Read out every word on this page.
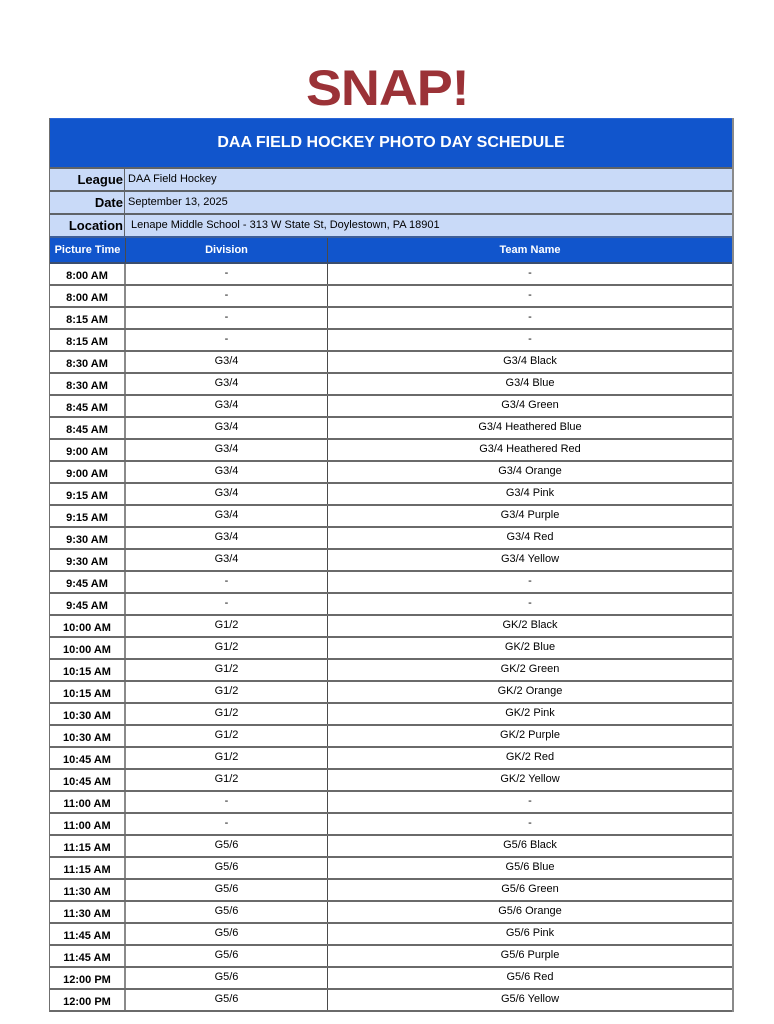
SNAP!
DAA FIELD HOCKEY PHOTO DAY SCHEDULE
League DAA Field Hockey
Date September 13, 2025
Location Lenape Middle School - 313 W State St, Doylestown, PA 18901
Picture Time	Division	Team Name
8:00 AM	-	-
8:00 AM	-	-
8:15 AM	-	-
8:15 AM	-	-
8:30 AM	G3/4	G3/4 Black
8:30 AM	G3/4	G3/4 Blue
8:45 AM	G3/4	G3/4 Green
8:45 AM	G3/4	G3/4 Heathered Blue
9:00 AM	G3/4	G3/4 Heathered Red
9:00 AM	G3/4	G3/4 Orange
9:15 AM	G3/4	G3/4 Pink
9:15 AM	G3/4	G3/4 Purple
9:30 AM	G3/4	G3/4 Red
9:30 AM	G3/4	G3/4 Yellow
9:45 AM	-	-
9:45 AM	-	-
10:00 AM	G1/2	GK/2 Black
10:00 AM	G1/2	GK/2 Blue
10:15 AM	G1/2	GK/2 Green
10:15 AM	G1/2	GK/2 Orange
10:30 AM	G1/2	GK/2 Pink
10:30 AM	G1/2	GK/2 Purple
10:45 AM	G1/2	GK/2 Red
10:45 AM	G1/2	GK/2 Yellow
11:00 AM	-	-
11:00 AM	-	-
11:15 AM	G5/6	G5/6 Black
11:15 AM	G5/6	G5/6 Blue
11:30 AM	G5/6	G5/6 Green
11:30 AM	G5/6	G5/6 Orange
11:45 AM	G5/6	G5/6 Pink
11:45 AM	G5/6	G5/6 Purple
12:00 PM	G5/6	G5/6 Red
12:00 PM	G5/6	G5/6 Yellow
